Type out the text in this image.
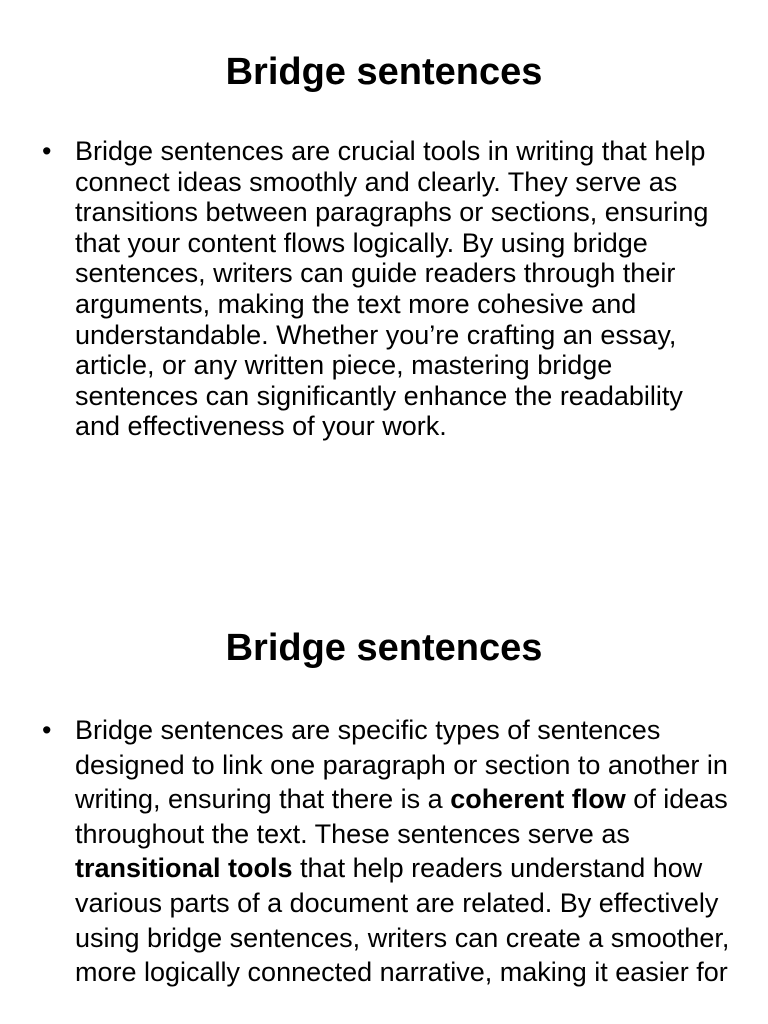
Bridge sentences
• Bridge sentences are crucial tools in writing that help connect ideas smoothly and clearly. They serve as transitions between paragraphs or sections, ensuring that your content flows logically. By using bridge sentences, writers can guide readers through their arguments, making the text more cohesive and understandable. Whether you’re crafting an essay, article, or any written piece, mastering bridge sentences can significantly enhance the readability and effectiveness of your work.
Bridge sentences
• Bridge sentences are specific types of sentences designed to link one paragraph or section to another in writing, ensuring that there is a coherent flow of ideas throughout the text. These sentences serve as transitional tools that help readers understand how various parts of a document are related. By effectively using bridge sentences, writers can create a smoother, more logically connected narrative, making it easier for
